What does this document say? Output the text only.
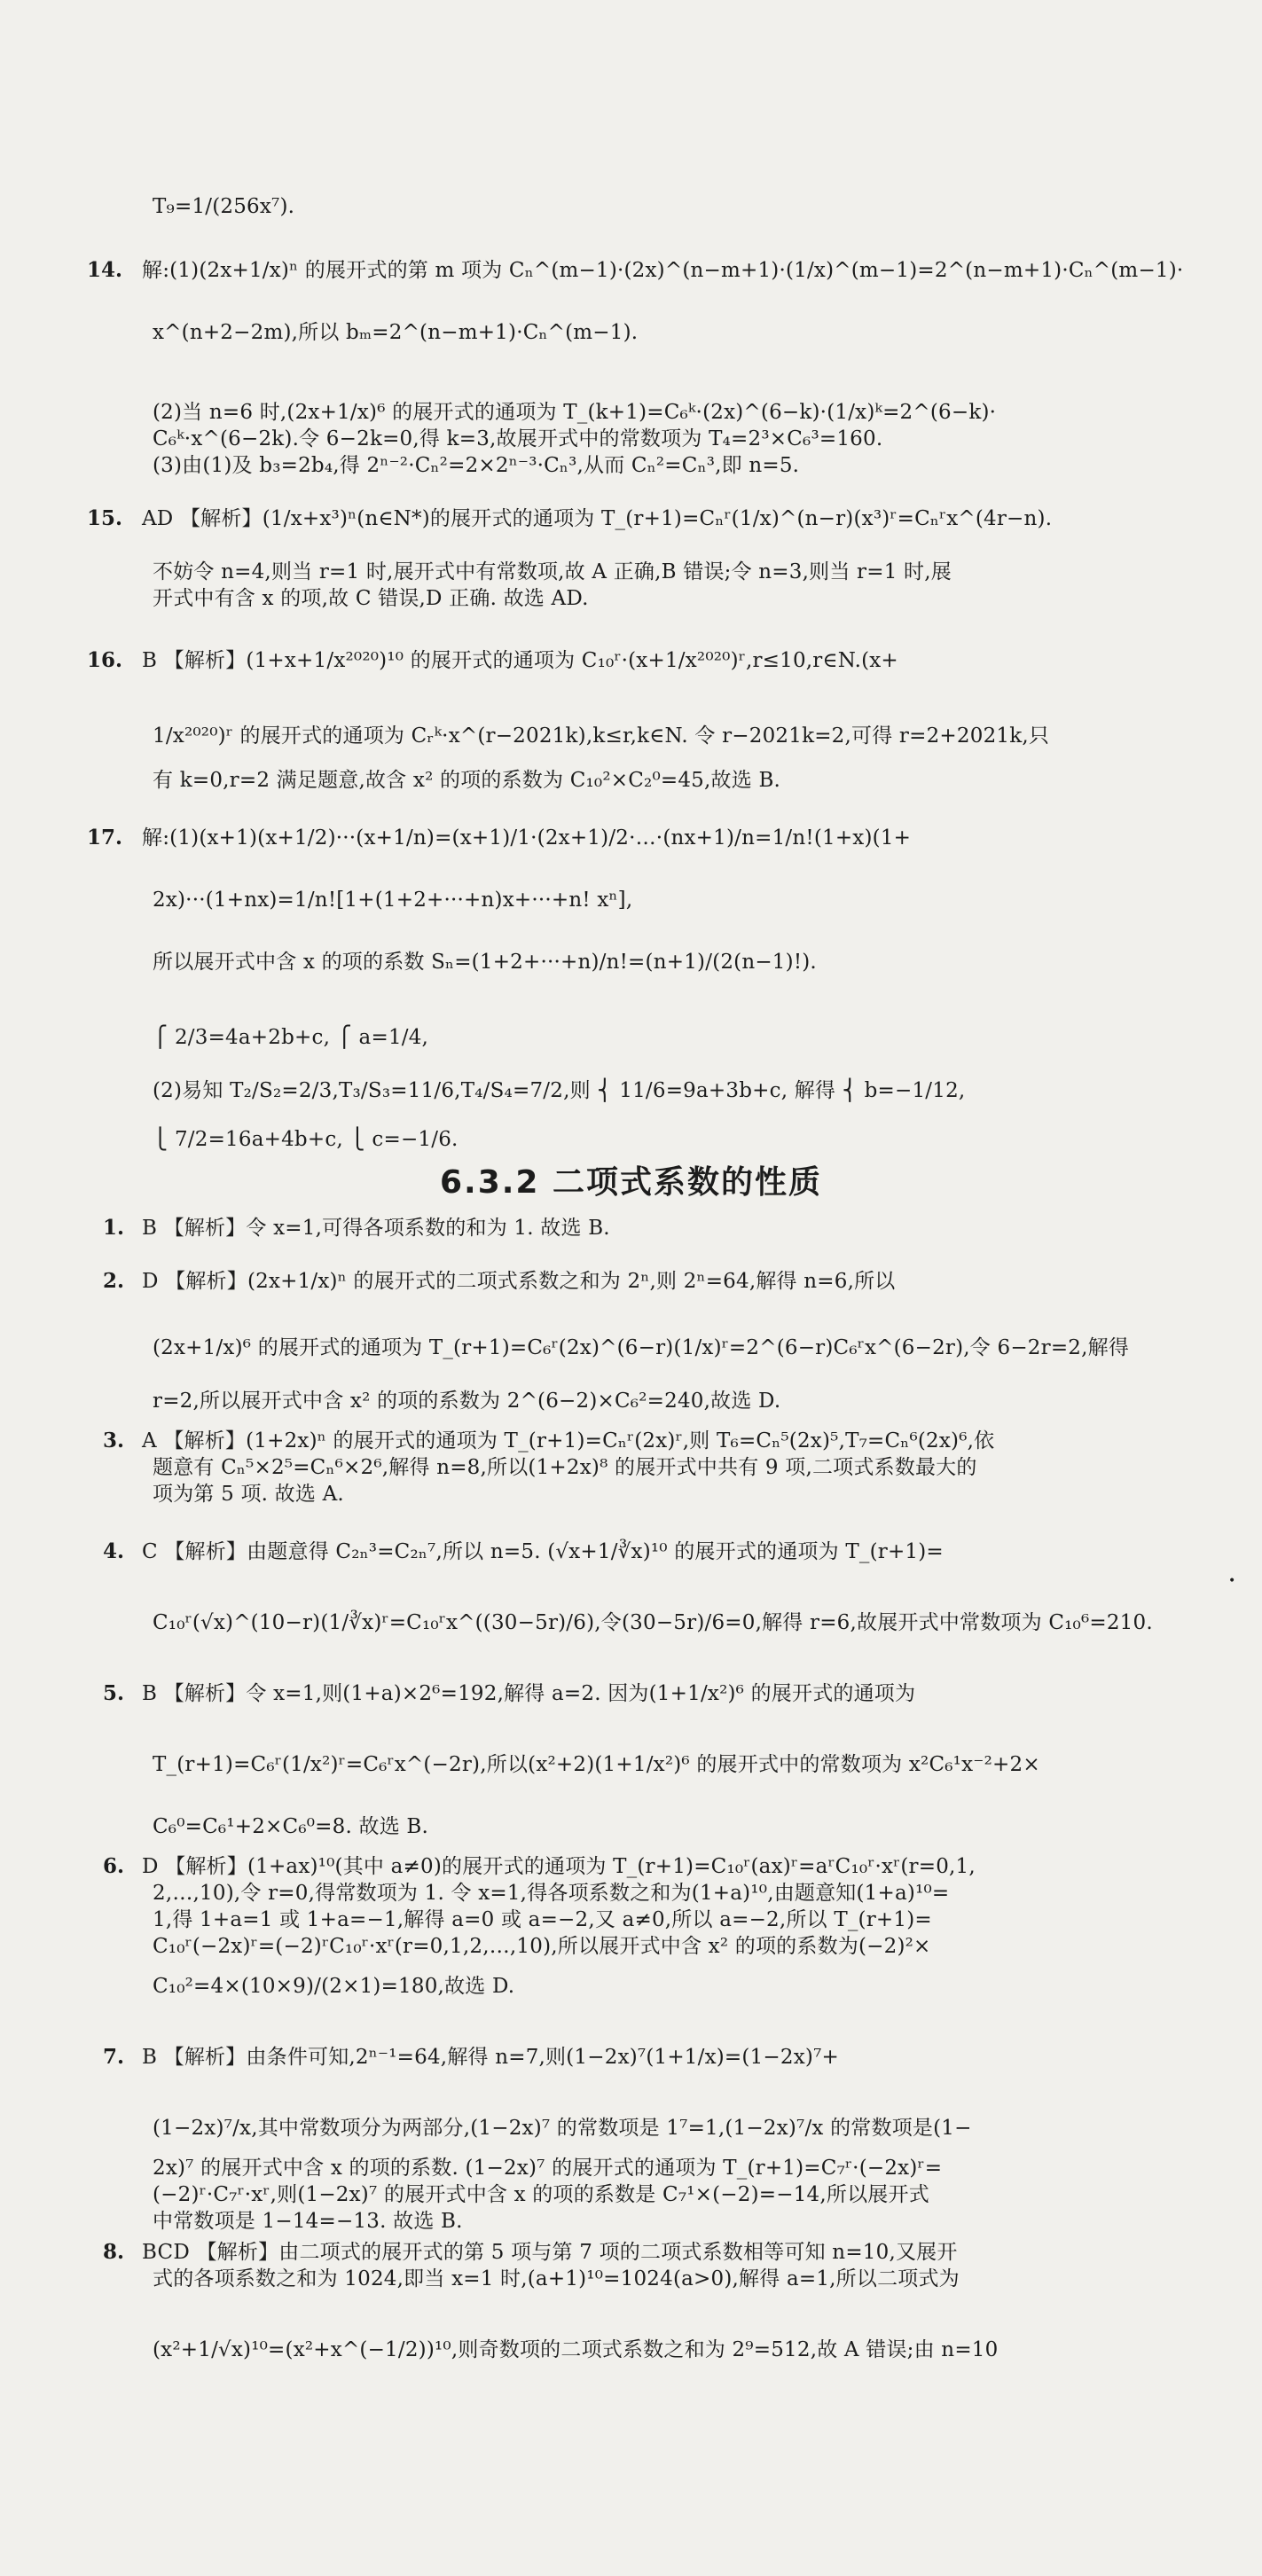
T₉=1/(256x⁷).
14. 解:(1)(2x+1/x)ⁿ 的展开式的第 m 项为 Cₙ^(m−1)·(2x)^(n−m+1)·(1/x)^(m−1)=2^(n−m+1)·Cₙ^(m−1)·
x^(n+2−2m),所以 bₘ=2^(n−m+1)·Cₙ^(m−1).
(2)当 n=6 时,(2x+1/x)⁶ 的展开式的通项为 T_(k+1)=C₆ᵏ·(2x)^(6−k)·(1/x)ᵏ=2^(6−k)·
C₆ᵏ·x^(6−2k).令 6−2k=0,得 k=3,故展开式中的常数项为 T₄=2³×C₆³=160.
(3)由(1)及 b₃=2b₄,得 2ⁿ⁻²·Cₙ²=2×2ⁿ⁻³·Cₙ³,从而 Cₙ²=Cₙ³,即 n=5.
15. AD 【解析】(1/x+x³)ⁿ(n∈N*)的展开式的通项为 T_(r+1)=Cₙʳ(1/x)^(n−r)(x³)ʳ=Cₙʳx^(4r−n).
不妨令 n=4,则当 r=1 时,展开式中有常数项,故 A 正确,B 错误;令 n=3,则当 r=1 时,展
开式中有含 x 的项,故 C 错误,D 正确. 故选 AD.
16. B 【解析】(1+x+1/x²⁰²⁰)¹⁰ 的展开式的通项为 C₁₀ʳ·(x+1/x²⁰²⁰)ʳ,r≤10,r∈N.(x+
1/x²⁰²⁰)ʳ 的展开式的通项为 Cᵣᵏ·x^(r−2021k),k≤r,k∈N. 令 r−2021k=2,可得 r=2+2021k,只
有 k=0,r=2 满足题意,故含 x² 的项的系数为 C₁₀²×C₂⁰=45,故选 B.
17. 解:(1)(x+1)(x+1/2)···(x+1/n)=(x+1)/1·(2x+1)/2·…·(nx+1)/n=1/n!(1+x)(1+
2x)···(1+nx)=1/n![1+(1+2+···+n)x+···+n! xⁿ],
所以展开式中含 x 的项的系数 Sₙ=(1+2+···+n)/n!=(n+1)/(2(n−1)!).
⎧ 2/3=4a+2b+c, ⎧ a=1/4,
(2)易知 T₂/S₂=2/3,T₃/S₃=11/6,T₄/S₄=7/2,则 ⎨ 11/6=9a+3b+c, 解得 ⎨ b=−1/12,
⎩ 7/2=16a+4b+c, ⎩ c=−1/6.
1. B 【解析】令 x=1,可得各项系数的和为 1. 故选 B.
2. D 【解析】(2x+1/x)ⁿ 的展开式的二项式系数之和为 2ⁿ,则 2ⁿ=64,解得 n=6,所以
(2x+1/x)⁶ 的展开式的通项为 T_(r+1)=C₆ʳ(2x)^(6−r)(1/x)ʳ=2^(6−r)C₆ʳx^(6−2r),令 6−2r=2,解得
r=2,所以展开式中含 x² 的项的系数为 2^(6−2)×C₆²=240,故选 D.
3. A 【解析】(1+2x)ⁿ 的展开式的通项为 T_(r+1)=Cₙʳ(2x)ʳ,则 T₆=Cₙ⁵(2x)⁵,T₇=Cₙ⁶(2x)⁶,依
题意有 Cₙ⁵×2⁵=Cₙ⁶×2⁶,解得 n=8,所以(1+2x)⁸ 的展开式中共有 9 项,二项式系数最大的
项为第 5 项. 故选 A.
4. C 【解析】由题意得 C₂ₙ³=C₂ₙ⁷,所以 n=5. (√x+1/∛x)¹⁰ 的展开式的通项为 T_(r+1)=
C₁₀ʳ(√x)^(10−r)(1/∛x)ʳ=C₁₀ʳx^((30−5r)/6),令(30−5r)/6=0,解得 r=6,故展开式中常数项为 C₁₀⁶=210.
5. B 【解析】令 x=1,则(1+a)×2⁶=192,解得 a=2. 因为(1+1/x²)⁶ 的展开式的通项为
T_(r+1)=C₆ʳ(1/x²)ʳ=C₆ʳx^(−2r),所以(x²+2)(1+1/x²)⁶ 的展开式中的常数项为 x²C₆¹x⁻²+2×
C₆⁰=C₆¹+2×C₆⁰=8. 故选 B.
6. D 【解析】(1+ax)¹⁰(其中 a≠0)的展开式的通项为 T_(r+1)=C₁₀ʳ(ax)ʳ=aʳC₁₀ʳ·xʳ(r=0,1,
2,…,10),令 r=0,得常数项为 1. 令 x=1,得各项系数之和为(1+a)¹⁰,由题意知(1+a)¹⁰=
1,得 1+a=1 或 1+a=−1,解得 a=0 或 a=−2,又 a≠0,所以 a=−2,所以 T_(r+1)=
C₁₀ʳ(−2x)ʳ=(−2)ʳC₁₀ʳ·xʳ(r=0,1,2,…,10),所以展开式中含 x² 的项的系数为(−2)²×
C₁₀²=4×(10×9)/(2×1)=180,故选 D.
7. B 【解析】由条件可知,2ⁿ⁻¹=64,解得 n=7,则(1−2x)⁷(1+1/x)=(1−2x)⁷+
(1−2x)⁷/x,其中常数项分为两部分,(1−2x)⁷ 的常数项是 1⁷=1,(1−2x)⁷/x 的常数项是(1−
2x)⁷ 的展开式中含 x 的项的系数. (1−2x)⁷ 的展开式的通项为 T_(r+1)=C₇ʳ·(−2x)ʳ=
(−2)ʳ·C₇ʳ·xʳ,则(1−2x)⁷ 的展开式中含 x 的项的系数是 C₇¹×(−2)=−14,所以展开式
中常数项是 1−14=−13. 故选 B.
8. BCD 【解析】由二项式的展开式的第 5 项与第 7 项的二项式系数相等可知 n=10,又展开
式的各项系数之和为 1024,即当 x=1 时,(a+1)¹⁰=1024(a>0),解得 a=1,所以二项式为
(x²+1/√x)¹⁰=(x²+x^(−1/2))¹⁰,则奇数项的二项式系数之和为 2⁹=512,故 A 错误;由 n=10
6.3.2 二项式系数的性质
•
